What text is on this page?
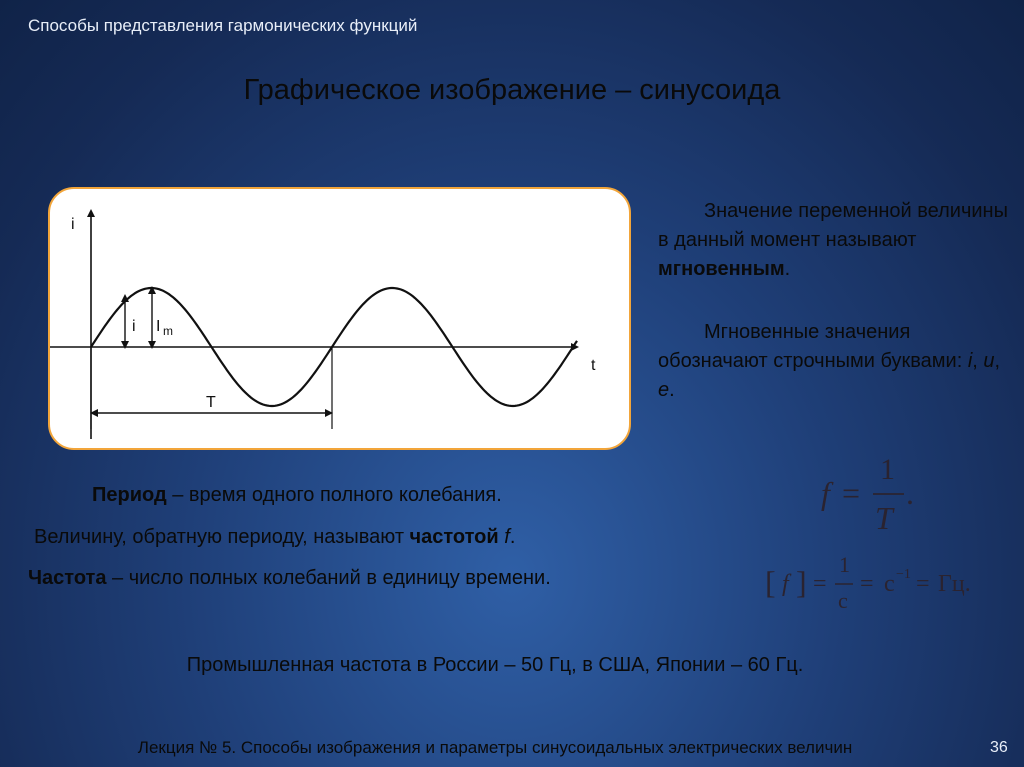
Способы представления гармонических функций
Графическое изображение – синусоида
i
t
i I m
T
Значение переменной величины в данный момент называют мгновенным.
Мгновенные значения обозначают строчными буквами: i, u, e.
Период – время одного полного колебания.
Величину, обратную периоду, называют частотой f.
Частота – число полных колебаний в единицу времени.
Промышленная частота в России – 50 Гц, в США, Японии – 60 Гц.
f =
1
T
.
[ f ] =
1
c
= c −1 = Гц.
Лекция № 5. Способы изображения и параметры синусоидальных электрических величин	36
